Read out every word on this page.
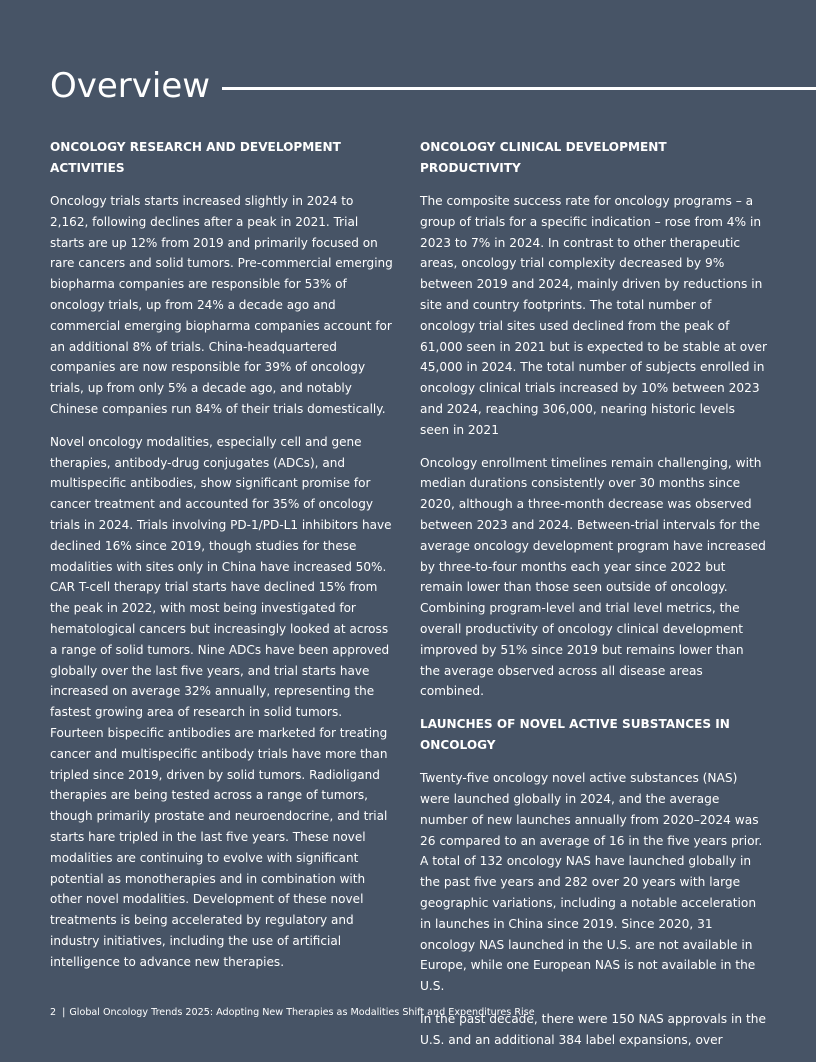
Overview
ONCOLOGY RESEARCH AND DEVELOPMENT ACTIVITIES

Oncology trials starts increased slightly in 2024 to 2,162, following declines after a peak in 2021. Trial starts are up 12% from 2019 and primarily focused on rare cancers and solid tumors. Pre-commercial emerging biopharma companies are responsible for 53% of oncology trials, up from 24% a decade ago and commercial emerging biopharma companies account for an additional 8% of trials. China-headquartered companies are now responsible for 39% of oncology trials, up from only 5% a decade ago, and notably Chinese companies run 84% of their trials domestically.

Novel oncology modalities, especially cell and gene therapies, antibody-drug conjugates (ADCs), and multispecific antibodies, show significant promise for cancer treatment and accounted for 35% of oncology trials in 2024. Trials involving PD-1/PD-L1 inhibitors have declined 16% since 2019, though studies for these modalities with sites only in China have increased 50%. CAR T-cell therapy trial starts have declined 15% from the peak in 2022, with most being investigated for hematological cancers but increasingly looked at across a range of solid tumors. Nine ADCs have been approved globally over the last five years, and trial starts have increased on average 32% annually, representing the fastest growing area of research in solid tumors. Fourteen bispecific antibodies are marketed for treating cancer and multispecific antibody trials have more than tripled since 2019, driven by solid tumors. Radioligand therapies are being tested across a range of tumors, though primarily prostate and neuroendocrine, and trial starts hare tripled in the last five years. These novel modalities are continuing to evolve with significant potential as monotherapies and in combination with other novel modalities. Development of these novel treatments is being accelerated by regulatory and industry initiatives, including the use of artificial intelligence to advance new therapies.

ONCOLOGY CLINICAL DEVELOPMENT PRODUCTIVITY

The composite success rate for oncology programs – a group of trials for a specific indication – rose from 4% in 2023 to 7% in 2024. In contrast to other therapeutic areas, oncology trial complexity decreased by 9% between 2019 and 2024, mainly driven by reductions in site and country footprints. The total number of oncology trial sites used declined from the peak of 61,000 seen in 2021 but is expected to be stable at over 45,000 in 2024. The total number of subjects enrolled in oncology clinical trials increased by 10% between 2023 and 2024, reaching 306,000, nearing historic levels seen in 2021

Oncology enrollment timelines remain challenging, with median durations consistently over 30 months since 2020, although a three-month decrease was observed between 2023 and 2024. Between-trial intervals for the average oncology development program have increased by three-to-four months each year since 2022 but remain lower than those seen outside of oncology. Combining program-level and trial level metrics, the overall productivity of oncology clinical development improved by 51% since 2019 but remains lower than the average observed across all disease areas combined.

LAUNCHES OF NOVEL ACTIVE SUBSTANCES IN ONCOLOGY

Twenty-five oncology novel active substances (NAS) were launched globally in 2024, and the average number of new launches annually from 2020–2024 was 26 compared to an average of 16 in the five years prior. A total of 132 oncology NAS have launched globally in the past five years and 282 over 20 years with large geographic variations, including a notable acceleration in launches in China since 2019. Since 2020, 31 oncology NAS launched in the U.S. are not available in Europe, while one European NAS is not available in the U.S.

In the past decade, there were 150 NAS approvals in the U.S. and an additional 384 label expansions, over

2 | Global Oncology Trends 2025: Adopting New Therapies as Modalities Shift and Expenditures Rise
